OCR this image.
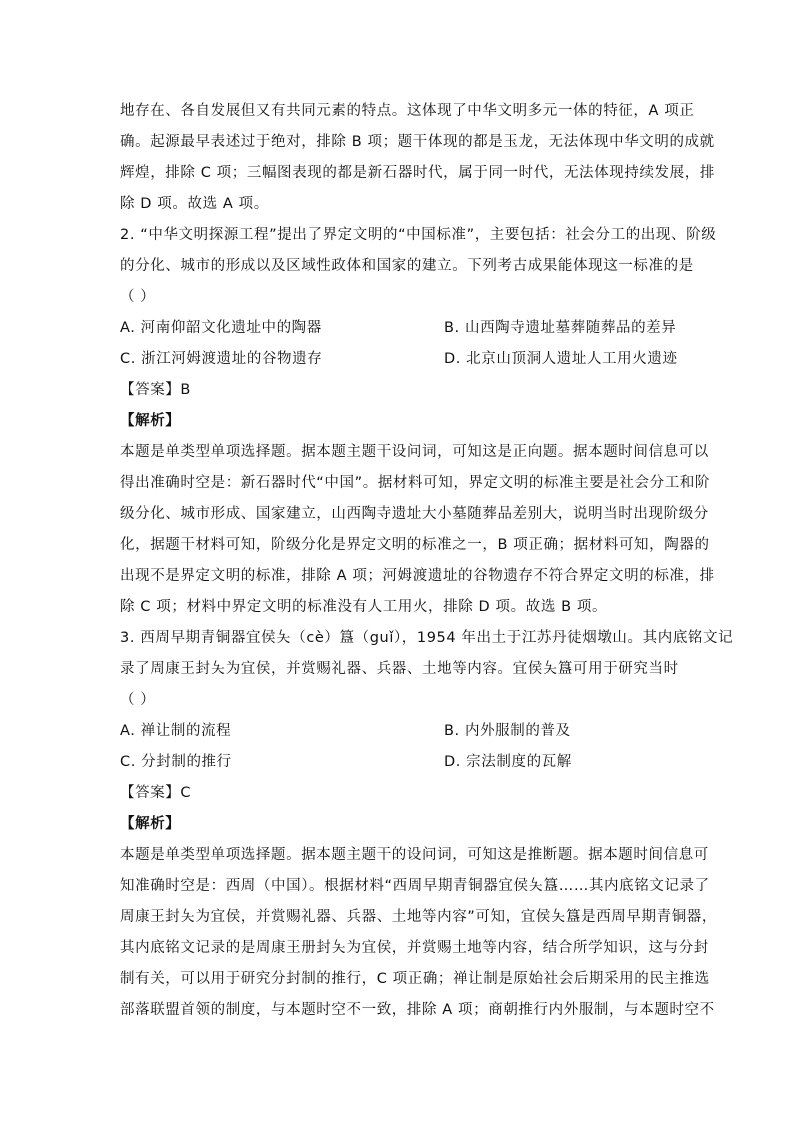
地存在、各自发展但又有共同元素的特点。这体现了中华文明多元一体的特征，A 项正
确。起源最早表述过于绝对，排除 B 项；题干体现的都是玉龙，无法体现中华文明的成就
辉煌，排除 C 项；三幅图表现的都是新石器时代，属于同一时代，无法体现持续发展，排
除 D 项。故选 A 项。
2. “中华文明探源工程”提出了界定文明的“中国标准”，主要包括：社会分工的出现、阶级
的分化、城市的形成以及区域性政体和国家的建立。下列考古成果能体现这一标准的是
（ ）
A. 河南仰韶文化遗址中的陶器	B. 山西陶寺遗址墓葬随葬品的差异
C. 浙江河姆渡遗址的谷物遗存	D. 北京山顶洞人遗址人工用火遗迹
【答案】B
【解析】
本题是单类型单项选择题。据本题主题干设问词，可知这是正向题。据本题时间信息可以
得出准确时空是：新石器时代“中国”。据材料可知，界定文明的标准主要是社会分工和阶
级分化、城市形成、国家建立，山西陶寺遗址大小墓随葬品差别大，说明当时出现阶级分
化，据题干材料可知，阶级分化是界定文明的标准之一，B 项正确；据材料可知，陶器的
出现不是界定文明的标准，排除 A 项；河姆渡遗址的谷物遗存不符合界定文明的标准，排
除 C 项；材料中界定文明的标准没有人工用火，排除 D 项。故选 B 项。
3. 西周早期青铜器宜侯夨（cè）簋（guǐ），1954 年出土于江苏丹徒烟墩山。其内底铭文记
录了周康王封夨为宜侯，并赏赐礼器、兵器、土地等内容。宜侯夨簋可用于研究当时
（ ）
A. 禅让制的流程	B. 内外服制的普及
C. 分封制的推行	D. 宗法制度的瓦解
【答案】C
【解析】
本题是单类型单项选择题。据本题主题干的设问词，可知这是推断题。据本题时间信息可
知准确时空是：西周（中国）。根据材料“西周早期青铜器宜侯夨簋……其内底铭文记录了
周康王封夨为宜侯，并赏赐礼器、兵器、土地等内容”可知，宜侯夨簋是西周早期青铜器，
其内底铭文记录的是周康王册封夨为宜侯，并赏赐土地等内容，结合所学知识，这与分封
制有关，可以用于研究分封制的推行，C 项正确；禅让制是原始社会后期采用的民主推选
部落联盟首领的制度，与本题时空不一致，排除 A 项；商朝推行内外服制，与本题时空不
